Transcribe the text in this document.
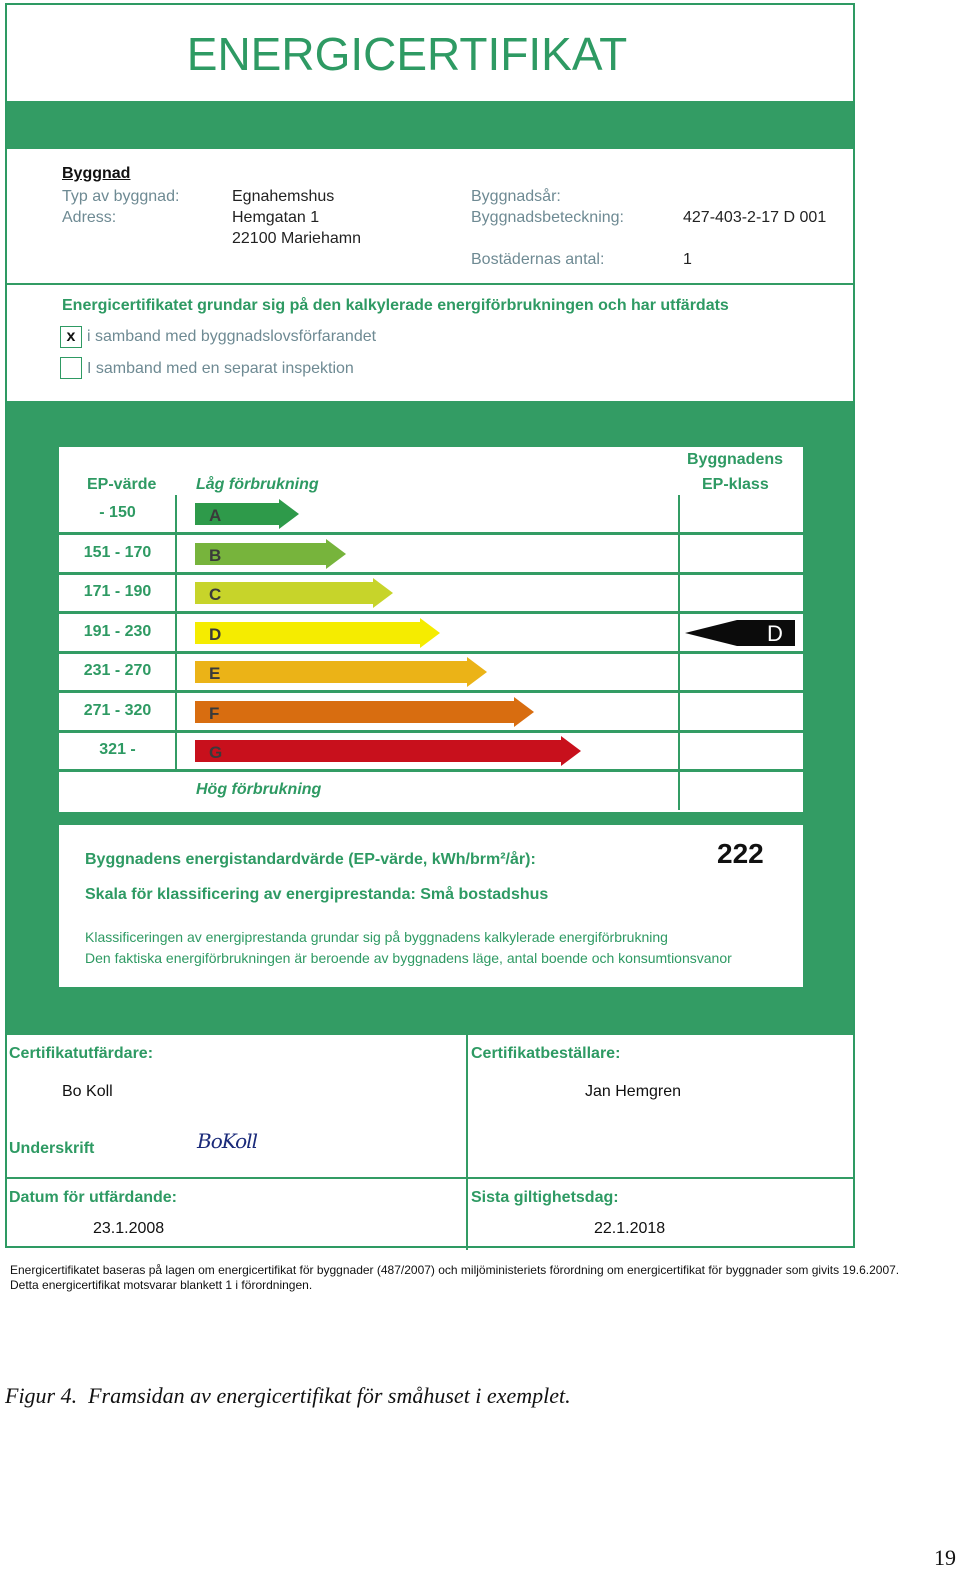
ENERGICERTIFIKAT
Byggnad
Typ av byggnad:	Egnahemshus
Adress:	Hemgatan 1
22100 Mariehamn
Byggnadsår:
Byggnadsbeteckning:	427-403-2-17 D 001
Bostädernas antal:	1
Energicertifikatet grundar sig på den kalkylerade energiförbrukningen och har utfärdats
x i samband med byggnadslovsförfarandet
I samband med en separat inspektion
EP-värde Låg förbrukning
Byggnadens
EP-klass
- 150	A
151 - 170	B
171 - 190	C
191 - 230	D	D
231 - 270	E
271 - 320	F
321 -	G
Hög förbrukning
Byggnadens energistandardvärde (EP-värde, kWh/brm²/år):	222
Skala för klassificering av energiprestanda: Små bostadshus
Klassificeringen av energiprestanda grundar sig på byggnadens kalkylerade energiförbrukning
Den faktiska energiförbrukningen är beroende av byggnadens läge, antal boende och konsumtionsvanor
Certifikatutfärdare:
Bo Koll
Underskrift	BoKoll
Certifikatbeställare:
Jan Hemgren
Datum för utfärdande:
23.1.2008
Sista giltighetsdag:
22.1.2018
Energicertifikatet baseras på lagen om energicertifikat för byggnader (487/2007) och miljöministeriets förordning om energicertifikat för byggnader som givits 19.6.2007.
Detta energicertifikat motsvarar blankett 1 i förordningen.
Figur 4.  Framsidan av energicertifikat för småhuset i exemplet.
19
